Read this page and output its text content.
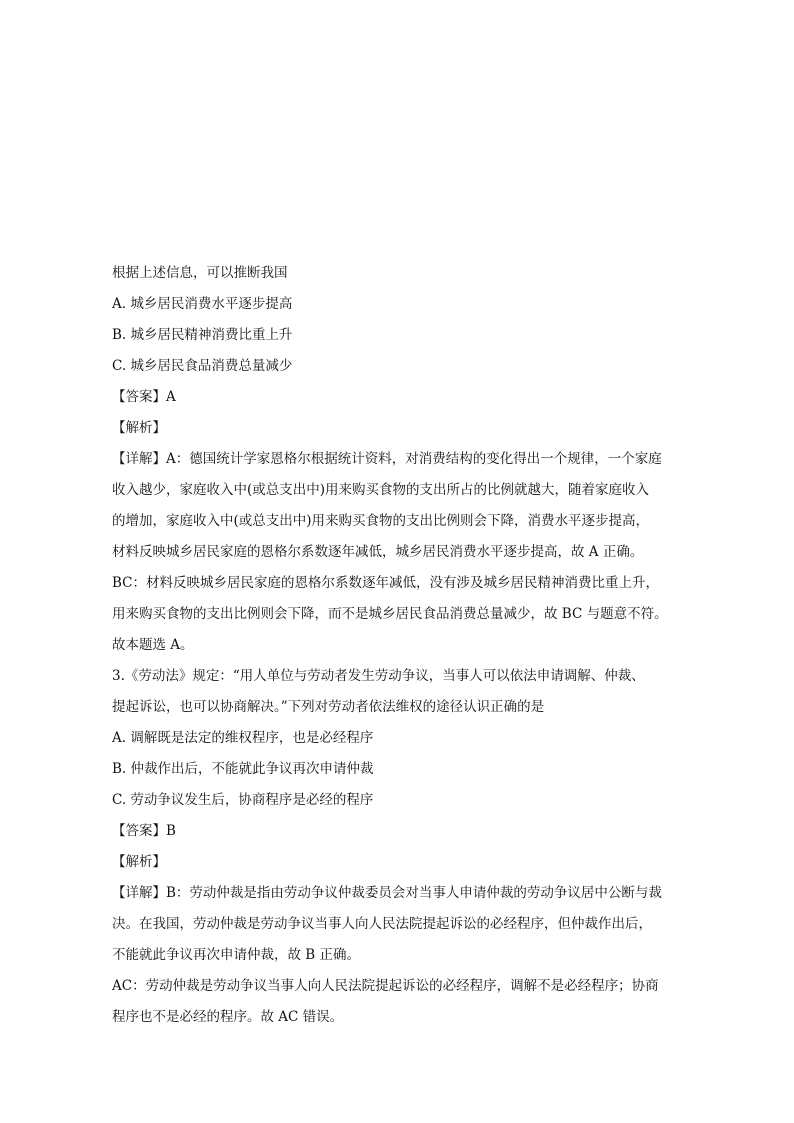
根据上述信息，可以推断我国
A. 城乡居民消费水平逐步提高
B. 城乡居民精神消费比重上升
C. 城乡居民食品消费总量减少
【答案】A
【解析】
【详解】A：德国统计学家恩格尔根据统计资料，对消费结构的变化得出一个规律，一个家庭
收入越少，家庭收入中(或总支出中)用来购买食物的支出所占的比例就越大，随着家庭收入
的增加，家庭收入中(或总支出中)用来购买食物的支出比例则会下降，消费水平逐步提高，
材料反映城乡居民家庭的恩格尔系数逐年减低，城乡居民消费水平逐步提高，故 A 正确。
BC：材料反映城乡居民家庭的恩格尔系数逐年减低，没有涉及城乡居民精神消费比重上升，
用来购买食物的支出比例则会下降，而不是城乡居民食品消费总量减少，故 BC 与题意不符。
故本题选 A。
3.《劳动法》规定：“用人单位与劳动者发生劳动争议，当事人可以依法申请调解、仲裁、
提起诉讼，也可以协商解决。”下列对劳动者依法维权的途径认识正确的是
A. 调解既是法定的维权程序，也是必经程序
B. 仲裁作出后，不能就此争议再次申请仲裁
C. 劳动争议发生后，协商程序是必经的程序
【答案】B
【解析】
【详解】B：劳动仲裁是指由劳动争议仲裁委员会对当事人申请仲裁的劳动争议居中公断与裁
决。在我国，劳动仲裁是劳动争议当事人向人民法院提起诉讼的必经程序，但仲裁作出后，
不能就此争议再次申请仲裁，故 B 正确。
AC：劳动仲裁是劳动争议当事人向人民法院提起诉讼的必经程序，调解不是必经程序；协商
程序也不是必经的程序。故 AC 错误。
